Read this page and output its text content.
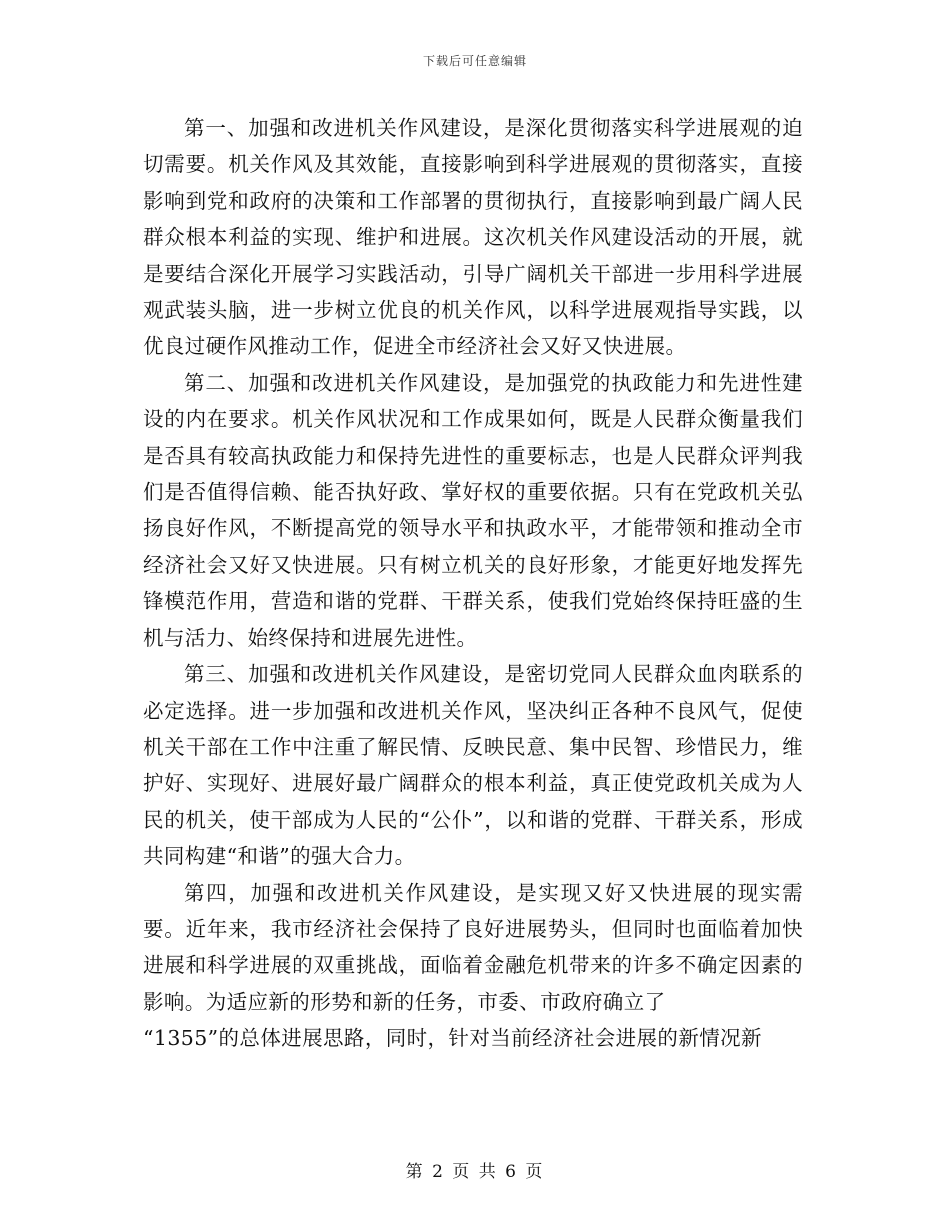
下载后可任意编辑

第一、加强和改进机关作风建设，是深化贯彻落实科学进展观的迫切需要。机关作风及其效能，直接影响到科学进展观的贯彻落实，直接影响到党和政府的决策和工作部署的贯彻执行，直接影响到最广阔人民群众根本利益的实现、维护和进展。这次机关作风建设活动的开展，就是要结合深化开展学习实践活动，引导广阔机关干部进一步用科学进展观武装头脑，进一步树立优良的机关作风，以科学进展观指导实践，以优良过硬作风推动工作，促进全市经济社会又好又快进展。

第二、加强和改进机关作风建设，是加强党的执政能力和先进性建设的内在要求。机关作风状况和工作成果如何，既是人民群众衡量我们是否具有较高执政能力和保持先进性的重要标志，也是人民群众评判我们是否值得信赖、能否执好政、掌好权的重要依据。只有在党政机关弘扬良好作风，不断提高党的领导水平和执政水平，才能带领和推动全市经济社会又好又快进展。只有树立机关的良好形象，才能更好地发挥先锋模范作用，营造和谐的党群、干群关系，使我们党始终保持旺盛的生机与活力、始终保持和进展先进性。

第三、加强和改进机关作风建设，是密切党同人民群众血肉联系的必定选择。进一步加强和改进机关作风，坚决纠正各种不良风气，促使机关干部在工作中注重了解民情、反映民意、集中民智、珍惜民力，维护好、实现好、进展好最广阔群众的根本利益，真正使党政机关成为人民的机关，使干部成为人民的“公仆”，以和谐的党群、干群关系，形成共同构建“和谐”的强大合力。

第四，加强和改进机关作风建设，是实现又好又快进展的现实需要。近年来，我市经济社会保持了良好进展势头，但同时也面临着加快进展和科学进展的双重挑战，面临着金融危机带来的许多不确定因素的影响。为适应新的形势和新的任务，市委、市政府确立了

“1355”的总体进展思路，同时，针对当前经济社会进展的新情况新

第 2 页 共 6 页
